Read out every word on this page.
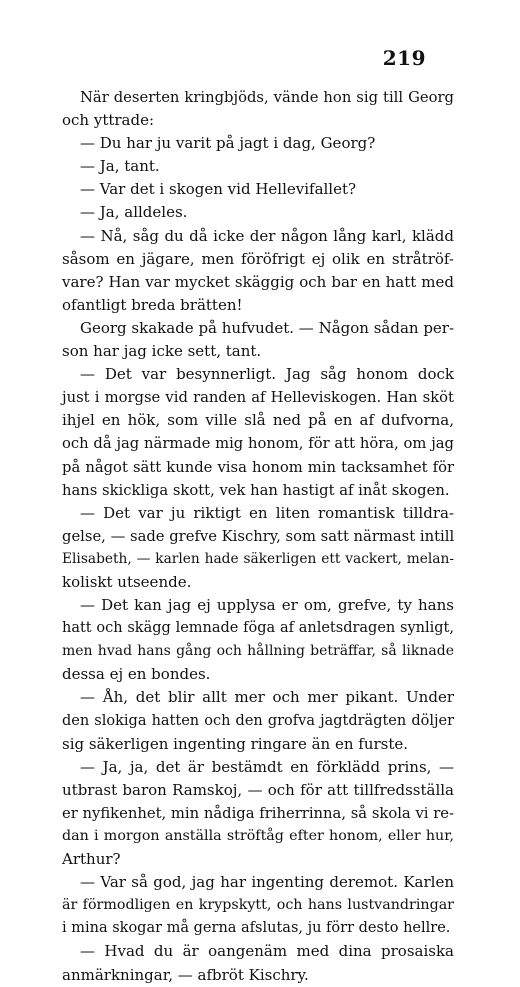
219
När deserten kringbjöds, vände hon sig till Georg
och yttrade:
— Du har ju varit på jagt i dag, Georg?
— Ja, tant.
— Var det i skogen vid Hellevifallet?
— Ja, alldeles.
— Nå, såg du då icke der någon lång karl, klädd
såsom en jägare, men föröfrigt ej olik en stråtröf-
vare? Han var mycket skäggig och bar en hatt med
ofantligt breda brätten!
Georg skakade på hufvudet. — Någon sådan per-
son har jag icke sett, tant.
— Det var besynnerligt. Jag såg honom dock
just i morgse vid randen af Helleviskogen. Han sköt
ihjel en hök, som ville slå ned på en af dufvorna,
och då jag närmade mig honom, för att höra, om jag
på något sätt kunde visa honom min tacksamhet för
hans skickliga skott, vek han hastigt af inåt skogen.
— Det var ju riktigt en liten romantisk tilldra-
gelse, — sade grefve Kischry, som satt närmast intill
Elisabeth, — karlen hade säkerligen ett vackert, melan-
koliskt utseende.
— Det kan jag ej upplysa er om, grefve, ty hans
hatt och skägg lemnade föga af anletsdragen synligt,
men hvad hans gång och hållning beträffar, så liknade
dessa ej en bondes.
— Åh, det blir allt mer och mer pikant. Under
den slokiga hatten och den grofva jagtdrägten döljer
sig säkerligen ingenting ringare än en furste.
— Ja, ja, det är bestämdt en förklädd prins, —
utbrast baron Ramskoj, — och för att tillfredsställa
er nyfikenhet, min nådiga friherrinna, så skola vi re-
dan i morgon anställa ströftåg efter honom, eller hur,
Arthur?
— Var så god, jag har ingenting deremot. Karlen
är förmodligen en krypskytt, och hans lustvandringar
i mina skogar må gerna afslutas, ju förr desto hellre.
— Hvad du är oangenäm med dina prosaiska
anmärkningar, — afbröt Kischry.
